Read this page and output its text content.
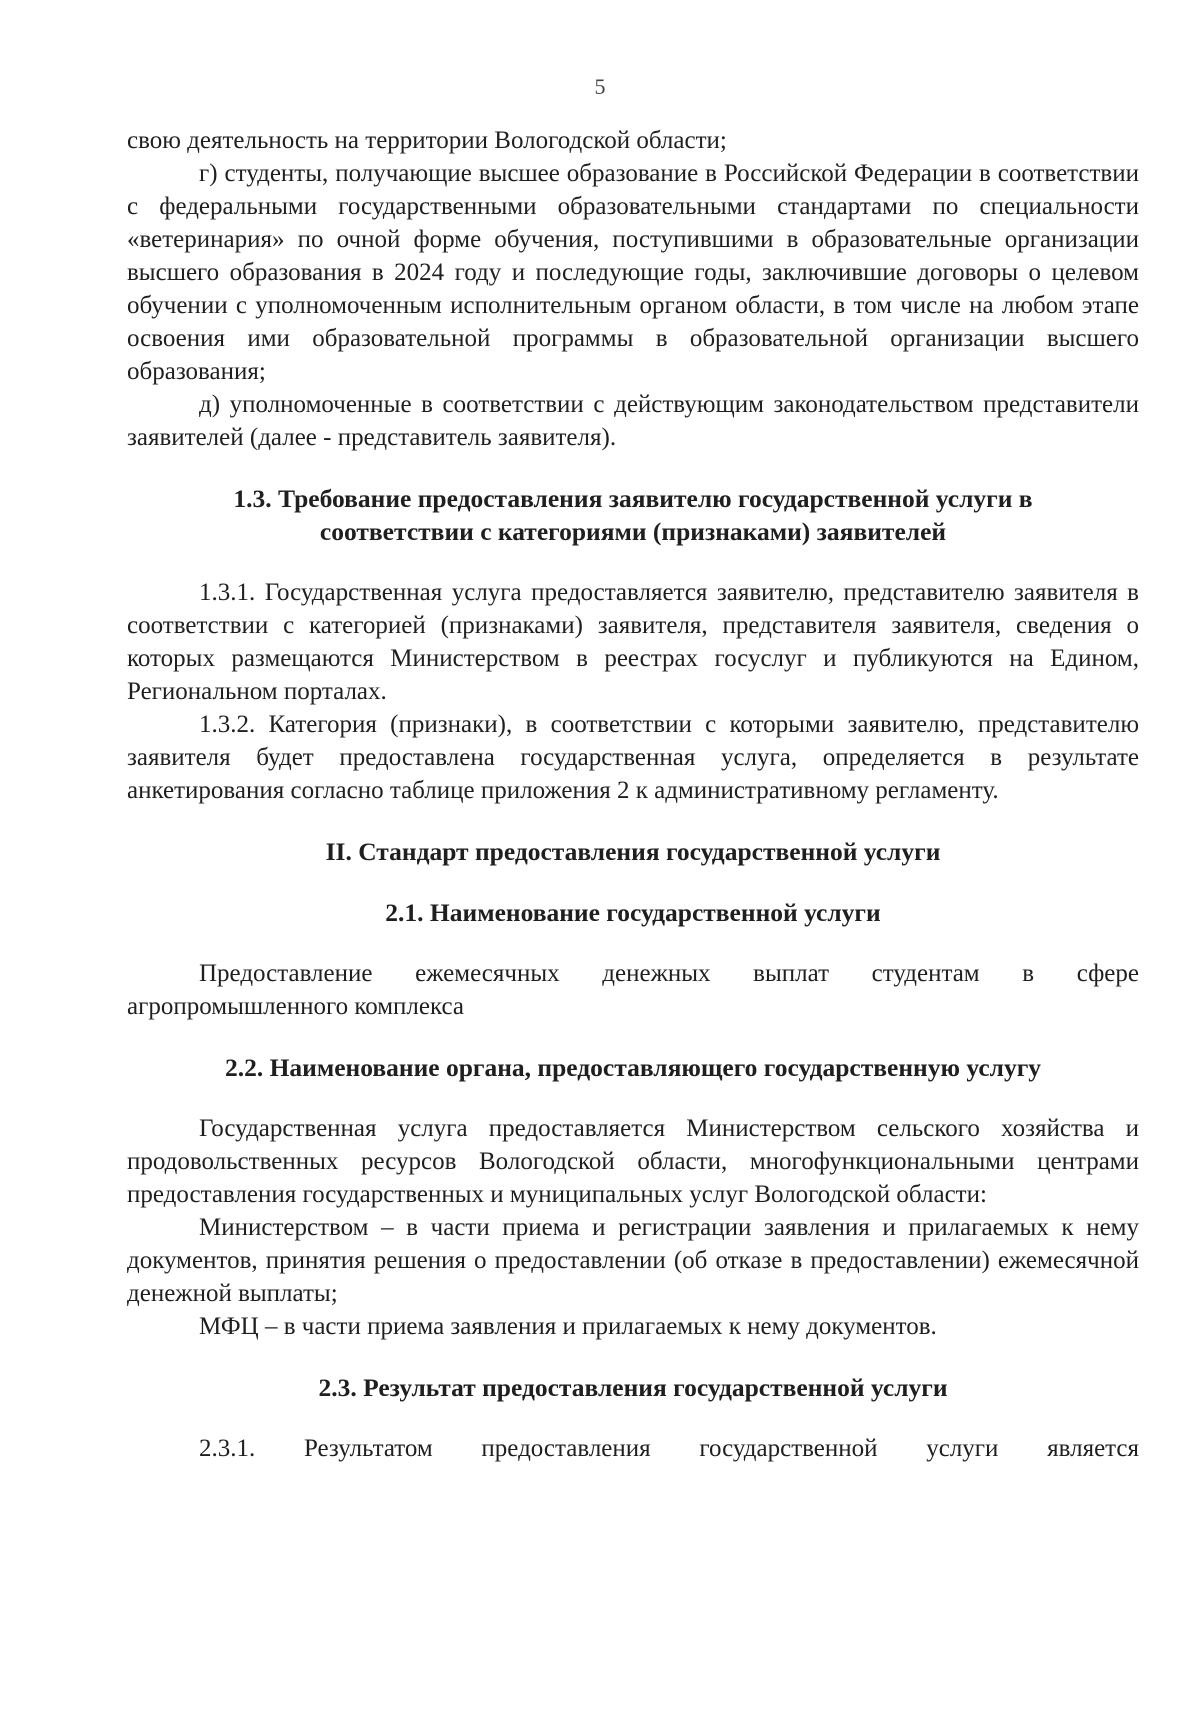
5

свою деятельность на территории Вологодской области;

г) студенты, получающие высшее образование в Российской Федерации в соответствии с федеральными государственными образовательными стандартами по специальности «ветеринария» по очной форме обучения, поступившими в образовательные организации высшего образования в 2024 году и последующие годы, заключившие договоры о целевом обучении с уполномоченным исполнительным органом области, в том числе на любом этапе освоения ими образовательной программы в образовательной организации высшего образования;

д) уполномоченные в соответствии с действующим законодательством представители заявителей (далее - представитель заявителя).

1.3. Требование предоставления заявителю государственной услуги в

соответствии с категориями (признаками) заявителей

1.3.1. Государственная услуга предоставляется заявителю, представителю заявителя в соответствии с категорией (признаками) заявителя, представителя заявителя, сведения о которых размещаются Министерством в реестрах госуслуг и публикуются на Едином, Региональном порталах.

1.3.2. Категория (признаки), в соответствии с которыми заявителю, представителю заявителя будет предоставлена государственная услуга, определяется в результате анкетирования согласно таблице приложения 2 к административному регламенту.

II. Стандарт предоставления государственной услуги

2.1. Наименование государственной услуги

Предоставление ежемесячных денежных выплат студентам в сфере агропромышленного комплекса

2.2. Наименование органа, предоставляющего государственную услугу

Государственная услуга предоставляется Министерством сельского хозяйства и продовольственных ресурсов Вологодской области, многофункциональными центрами предоставления государственных и муниципальных услуг Вологодской области:

Министерством – в части приема и регистрации заявления и прилагаемых к нему документов, принятия решения о предоставлении (об отказе в предоставлении) ежемесячной денежной выплаты;

МФЦ – в части приема заявления и прилагаемых к нему документов.

2.3. Результат предоставления государственной услуги

2.3.1. Результатом предоставления государственной услуги является
